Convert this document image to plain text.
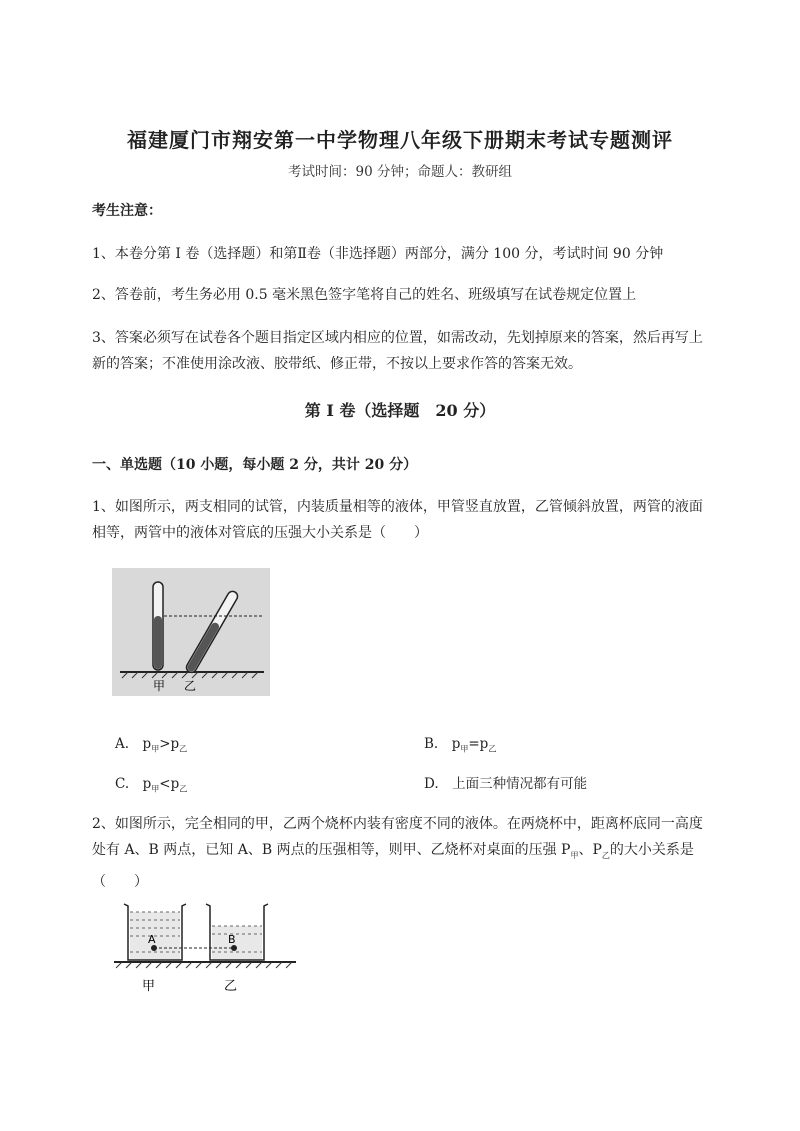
福建厦门市翔安第一中学物理八年级下册期末考试专题测评
考试时间：90 分钟；命题人：教研组
考生注意：
1、本卷分第 I 卷（选择题）和第Ⅱ卷（非选择题）两部分，满分 100 分，考试时间 90 分钟
2、答卷前，考生务必用 0.5 毫米黑色签字笔将自己的姓名、班级填写在试卷规定位置上
3、答案必须写在试卷各个题目指定区域内相应的位置，如需改动，先划掉原来的答案，然后再写上新的答案；不准使用涂改液、胶带纸、修正带，不按以上要求作答的答案无效。
第 I 卷（选择题　20 分）
一、单选题（10 小题，每小题 2 分，共计 20 分）
1、如图所示，两支相同的试管，内装质量相等的液体，甲管竖直放置，乙管倾斜放置，两管的液面相等，两管中的液体对管底的压强大小关系是（　　）
甲 乙
A.　$p_甲>p_乙$	B.　$p_甲=p_乙$
C.　$p_甲<p_乙$	D.　上面三种情况都有可能
2、如图所示，完全相同的甲，乙两个烧杯内装有密度不同的液体。在两烧杯中，距离杯底同一高度处有 A、B 两点，已知 A、B 两点的压强相等，则甲、乙烧杯对桌面的压强 $P_甲$、$P_乙$的大小关系是（　　）
A	B
甲	乙
